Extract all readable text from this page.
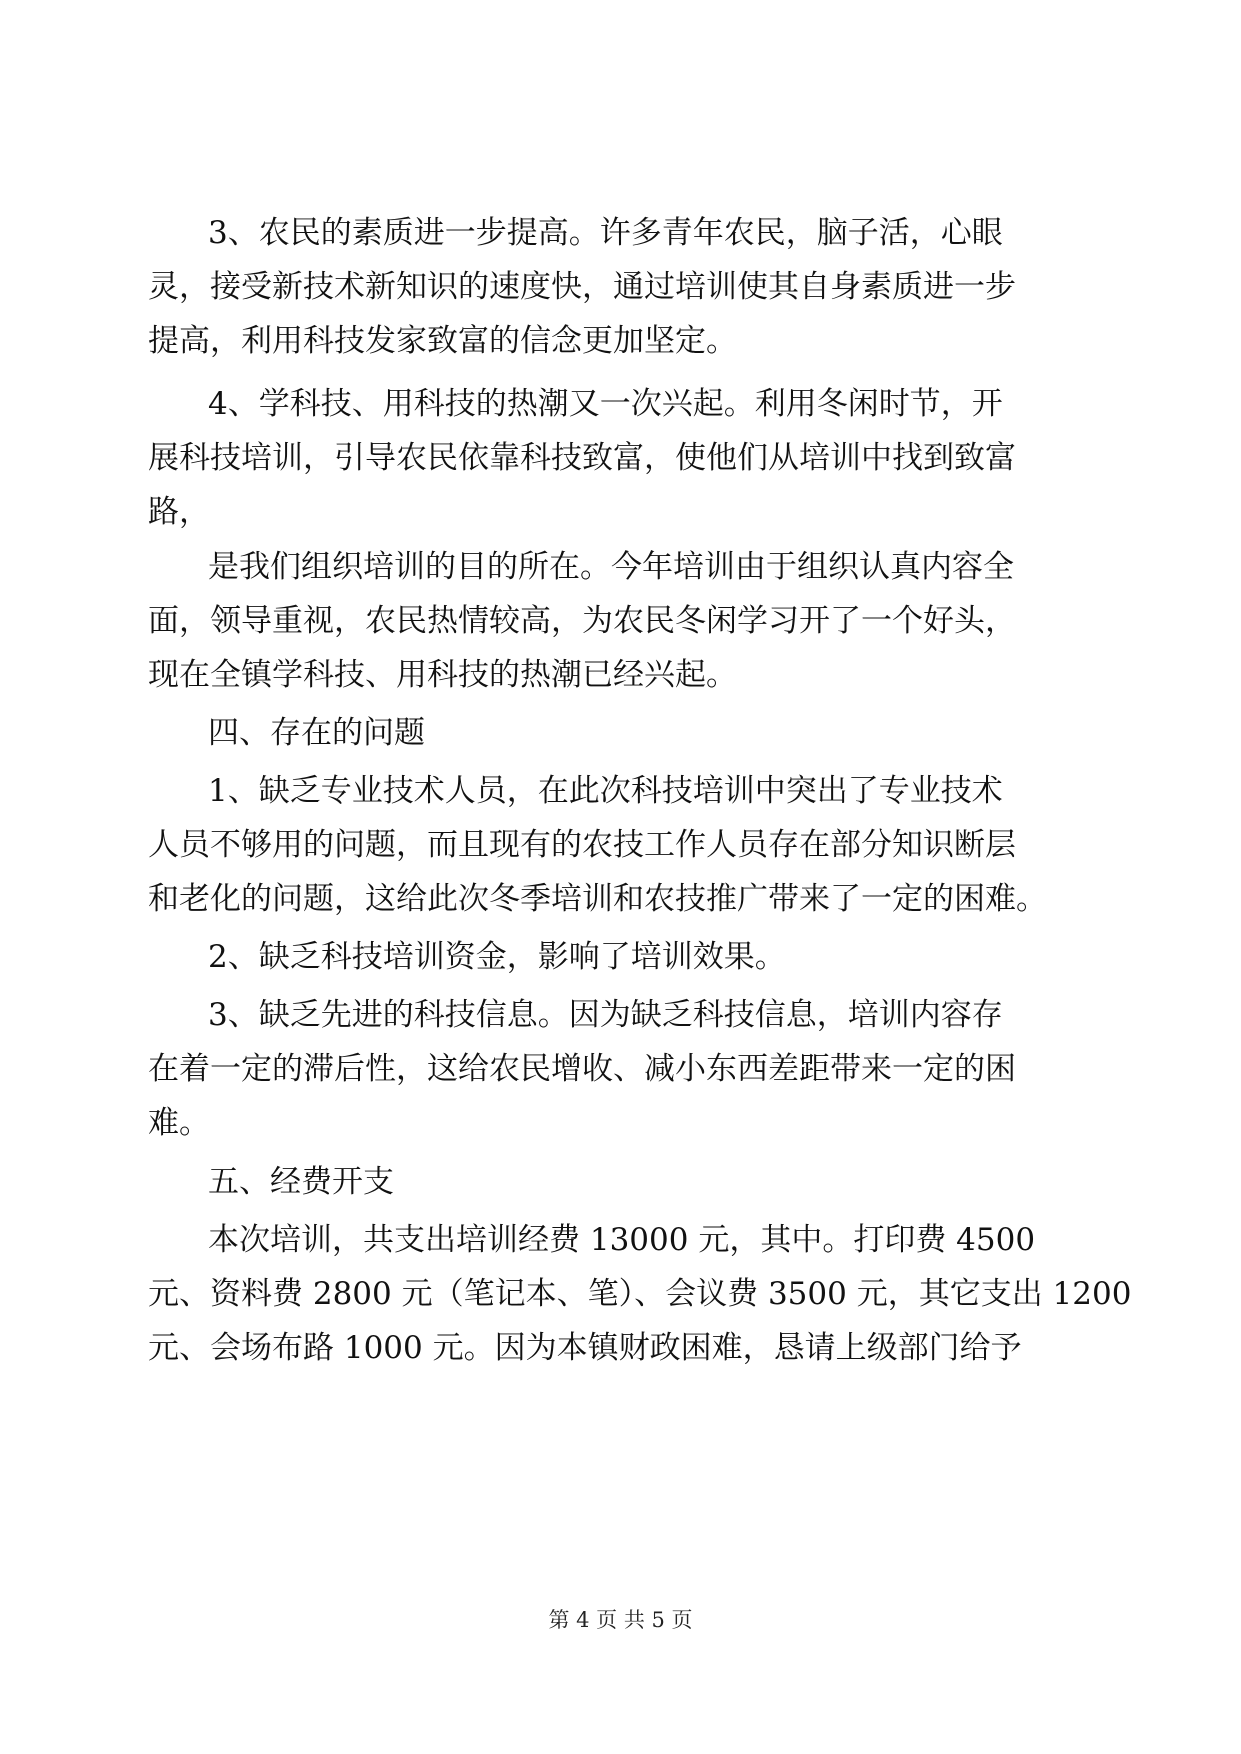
3、农民的素质进一步提高。许多青年农民，脑子活，心眼

灵，接受新技术新知识的速度快，通过培训使其自身素质进一步

提高，利用科技发家致富的信念更加坚定。

4、学科技、用科技的热潮又一次兴起。利用冬闲时节，开

展科技培训，引导农民依靠科技致富，使他们从培训中找到致富

路，

是我们组织培训的目的所在。今年培训由于组织认真内容全

面，领导重视，农民热情较高，为农民冬闲学习开了一个好头，

现在全镇学科技、用科技的热潮已经兴起。

四、存在的问题

1、缺乏专业技术人员，在此次科技培训中突出了专业技术

人员不够用的问题，而且现有的农技工作人员存在部分知识断层

和老化的问题，这给此次冬季培训和农技推广带来了一定的困难。

2、缺乏科技培训资金，影响了培训效果。

3、缺乏先进的科技信息。因为缺乏科技信息，培训内容存

在着一定的滞后性，这给农民增收、减小东西差距带来一定的困

难。

五、经费开支

本次培训，共支出培训经费 13000 元，其中。打印费 4500

元、资料费 2800 元（笔记本、笔）、会议费 3500 元，其它支出 1200

元、会场布路 1000 元。因为本镇财政困难，恳请上级部门给予

第 4 页 共 5 页
